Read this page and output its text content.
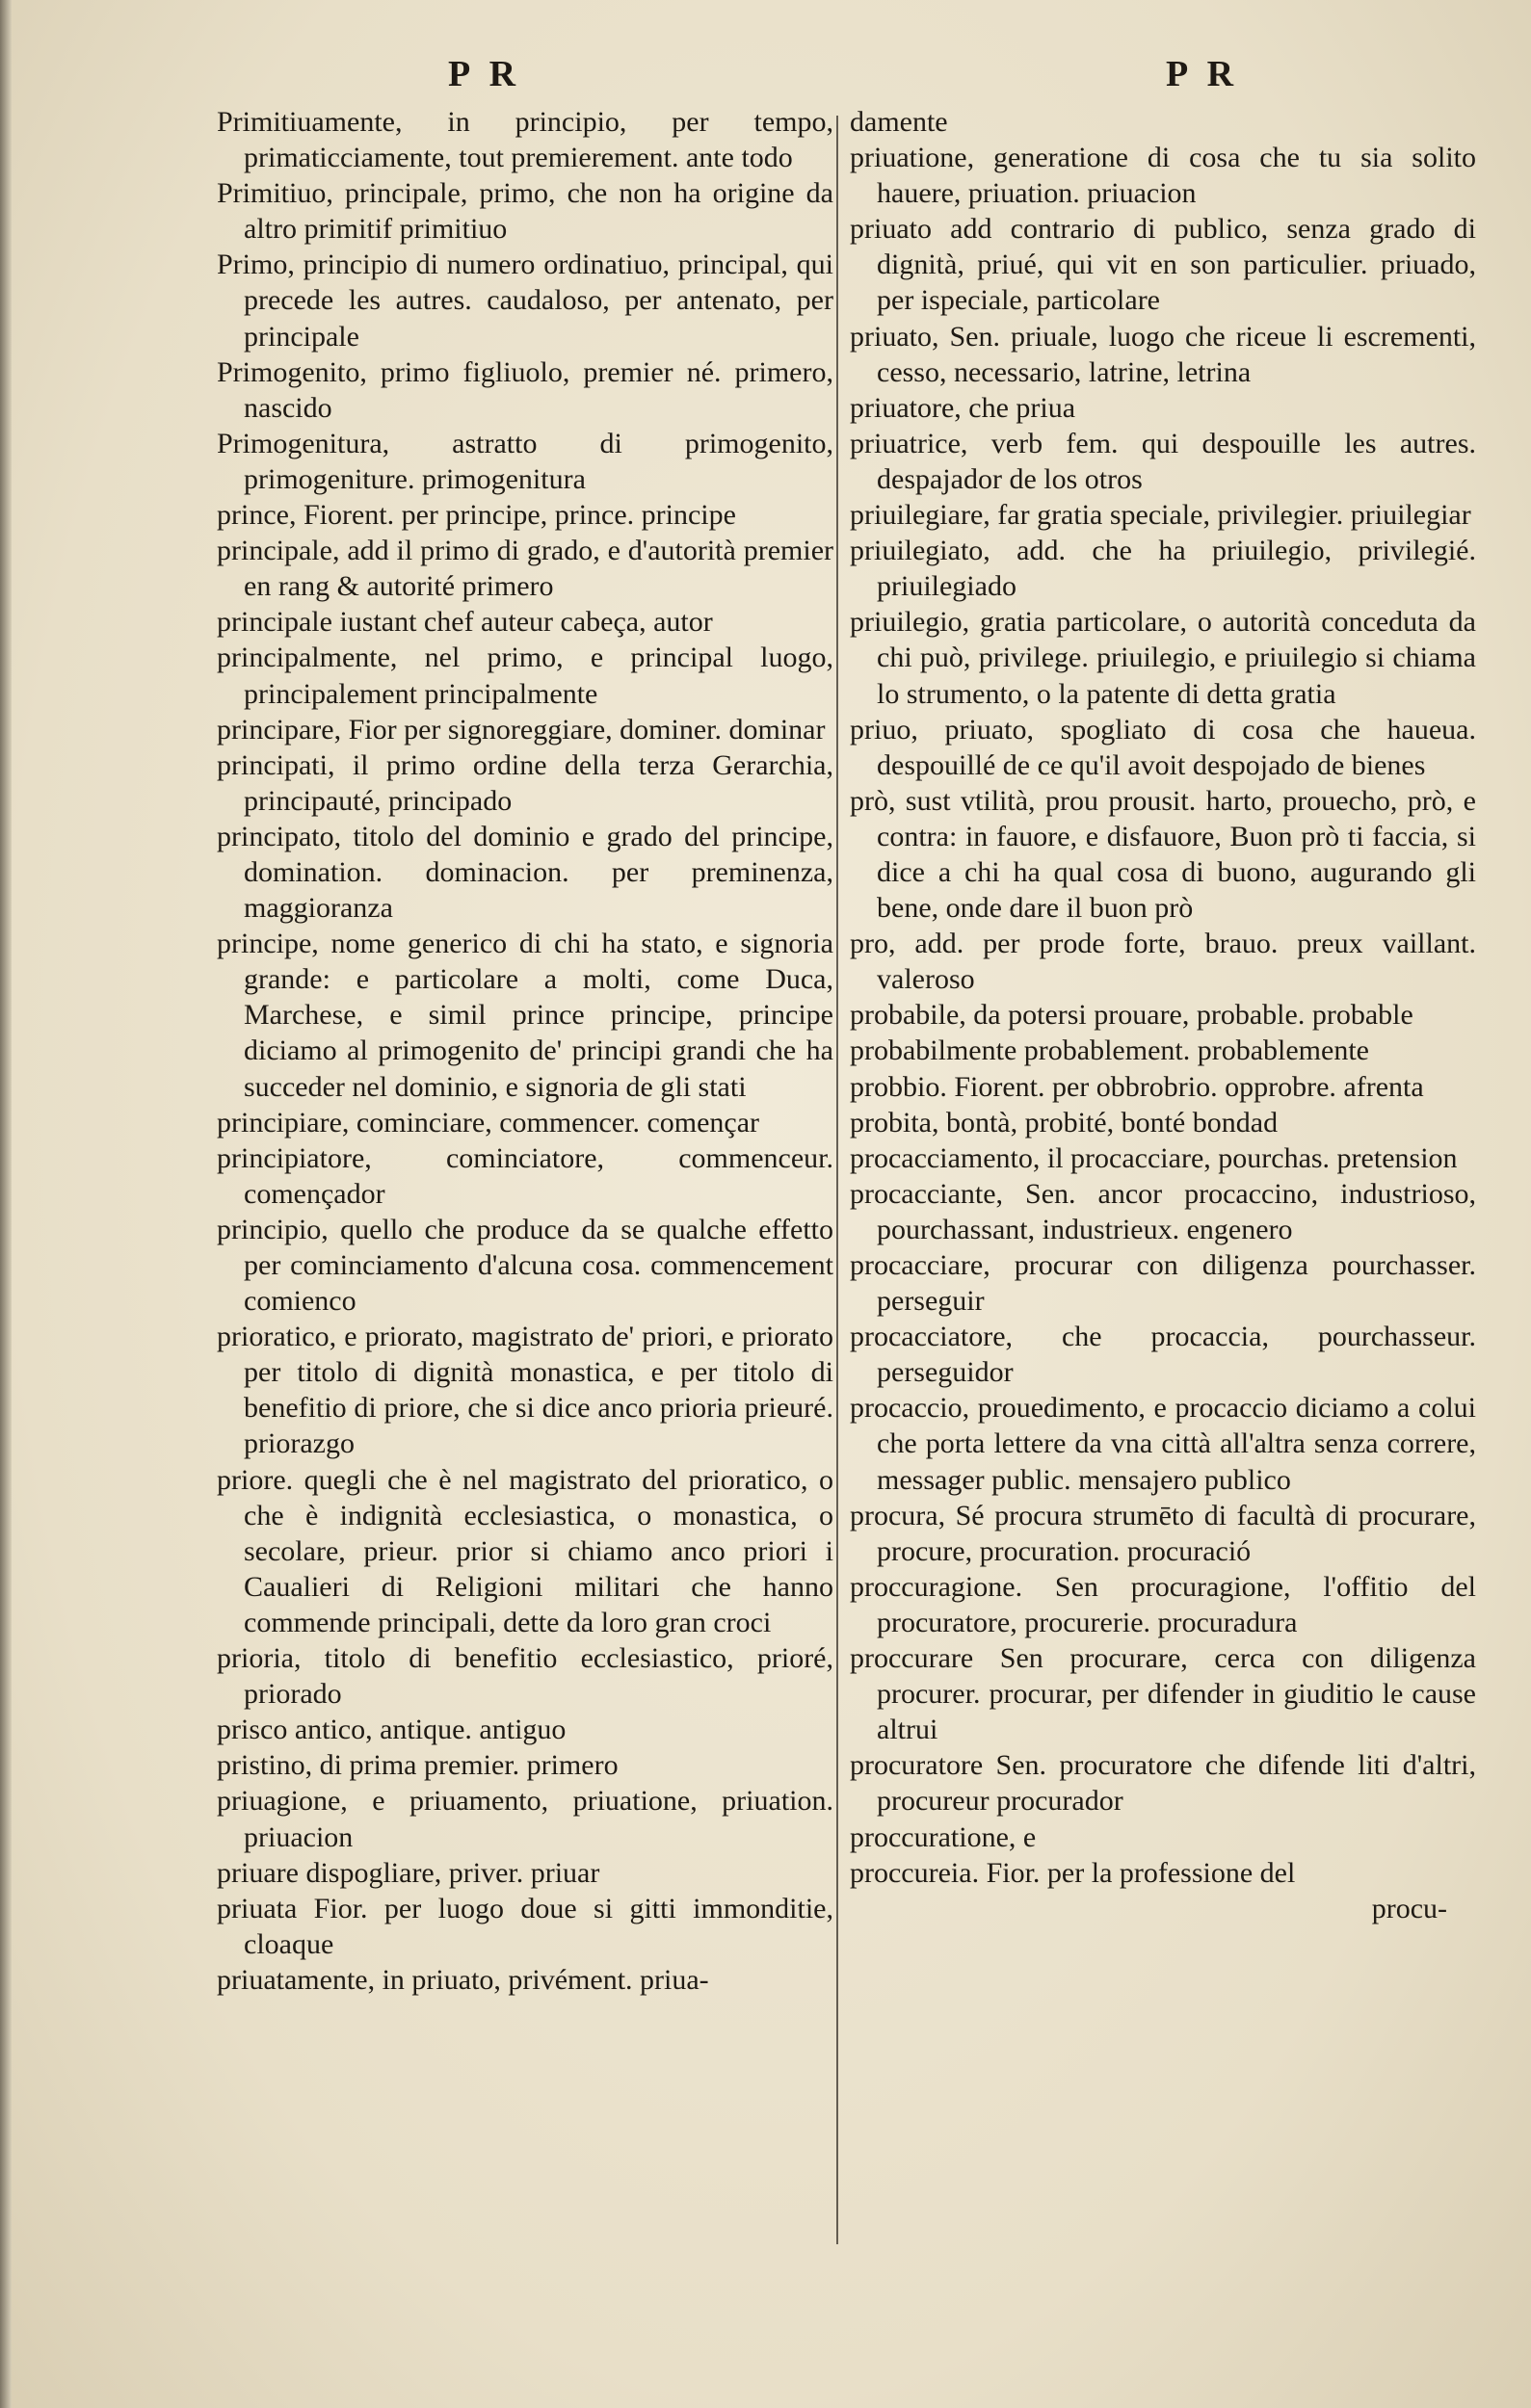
P R	P R
Primitiuamente, in principio, per tempo, primaticciamente, tout premierement. ante todo
Primitiuo, principale, primo, che non ha origine da altro primitif primitiuo
Primo, principio di numero ordinatiuo, principal, qui precede les autres. caudaloso, per antenato, per principale
Primogenito, primo figliuolo, premier né. primero, nascido
Primogenitura, astratto di primogenito, primogeniture. primogenitura
prince, Fiorent. per principe, prince. principe
principale, add il primo di grado, e d'autorità premier en rang & autorité primero
principale iustant chef auteur cabeça, autor
principalmente, nel primo, e principal luogo, principalement principalmente
principare, Fior per signoreggiare, dominer. dominar
principati, il primo ordine della terza Gerarchia, principauté, principado
principato, titolo del dominio e grado del principe, domination. dominacion. per preminenza, maggioranza
principe, nome generico di chi ha stato, e signoria grande: e particolare a molti, come Duca, Marchese, e simil prince principe, principe diciamo al primogenito de' principi grandi che ha succeder nel dominio, e signoria de gli stati
principiare, cominciare, commencer. començar
principiatore, cominciatore, commenceur. començador
principio, quello che produce da se qualche effetto per cominciamento d'alcuna cosa. commencement comienco
prioratico, e priorato, magistrato de' priori, e priorato per titolo di dignità monastica, e per titolo di benefitio di priore, che si dice anco prioria prieuré. priorazgo
priore. quegli che è nel magistrato del prioratico, o che è indignità ecclesiastica, o monastica, o secolare, prieur. prior si chiamo anco priori i Caualieri di Religioni militari che hanno commende principali, dette da loro gran croci
prioria, titolo di benefitio ecclesiastico, prioré, priorado
prisco antico, antique. antiguo
pristino, di prima premier. primero
priuagione, e priuamento, priuatione, priuation. priuacion
priuare dispogliare, priver. priuar
priuata Fior. per luogo doue si gitti immonditie, cloaque
priuatamente, in priuato, privément. priua-
damente
priuatione, generatione di cosa che tu sia solito hauere, priuation. priuacion
priuato add contrario di publico, senza grado di dignità, priué, qui vit en son particulier. priuado, per ispeciale, particolare
priuato, Sen. priuale, luogo che riceue li escrementi, cesso, necessario, latrine, letrina
priuatore, che priua
priuatrice, verb fem. qui despouille les autres. despajador de los otros
priuilegiare, far gratia speciale, privilegier. priuilegiar
priuilegiato, add. che ha priuilegio, privilegié. priuilegiado
priuilegio, gratia particolare, o autorità conceduta da chi può, privilege. priuilegio, e priuilegio si chiama lo strumento, o la patente di detta gratia
priuo, priuato, spogliato di cosa che haueua. despouillé de ce qu'il avoit despojado de bienes
prò, sust vtilità, prou prousit. harto, prouecho, prò, e contra: in fauore, e disfauore, Buon prò ti faccia, si dice a chi ha qual cosa di buono, augurando gli bene, onde dare il buon prò
pro, add. per prode forte, brauo. preux vaillant. valeroso
probabile, da potersi prouare, probable. probable
probabilmente probablement. probablemente
probbio. Fiorent. per obbrobrio. opprobre. afrenta
probita, bontà, probité, bonté bondad
procacciamento, il procacciare, pourchas. pretension
procacciante, Sen. ancor procaccino, industrioso, pourchassant, industrieux. engenero
procacciare, procurar con diligenza pourchasser. perseguir
procacciatore, che procaccia, pourchasseur. perseguidor
procaccio, prouedimento, e procaccio diciamo a colui che porta lettere da vna città all'altra senza correre, messager public. mensajero publico
procura, Sé procura strumēto di facultà di procurare, procure, procuration. procuració
proccuragione. Sen procuragione, l'offitio del procuratore, procurerie. procuradura
proccurare Sen procurare, cerca con diligenza procurer. procurar, per difender in giuditio le cause altrui
procuratore Sen. procuratore che difende liti d'altri, procureur procurador
proccuratione, e
proccureia. Fior. per la professione del
procu-
